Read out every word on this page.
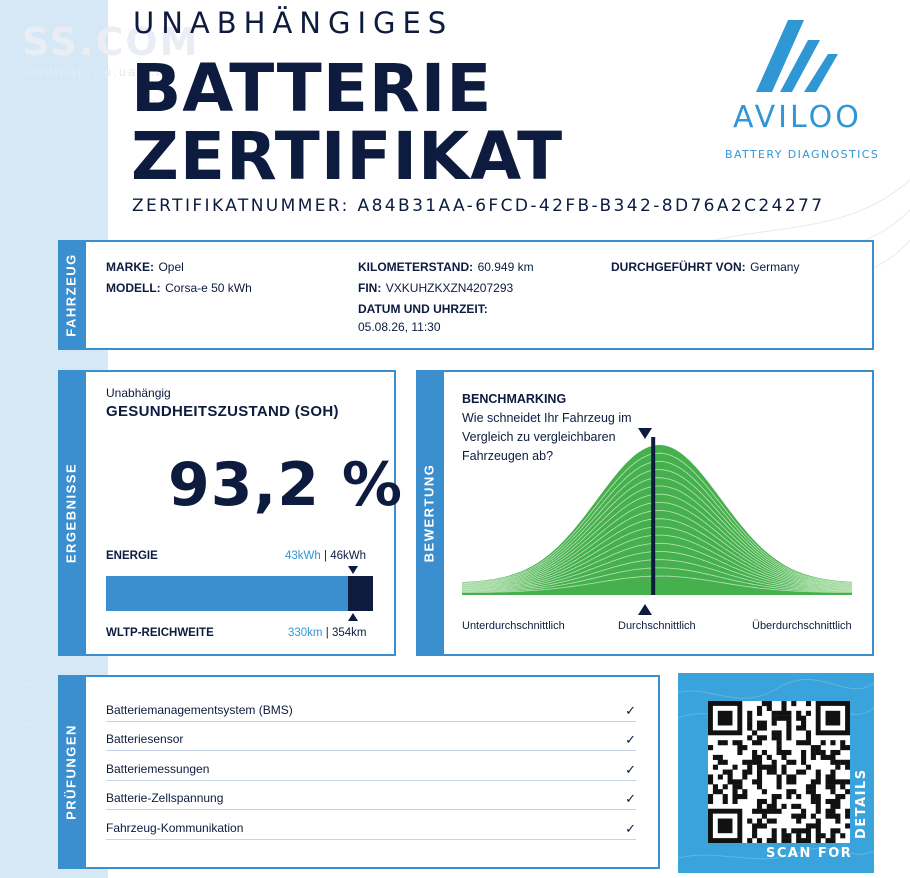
SS.COM
studinaju.ru.ua.v.t
UNABHÄNGIGES
BATTERIE
ZERTIFIKAT
ZERTIFIKATNUMMER: A84B31AA-6FCD-42FB-B342-8D76A2C24277
AVILOO
BATTERY DIAGNOSTICS
FAHRZEUG MARKE: Opel
MODELL: Corsa-e 50 kWh
KILOMETERSTAND: 60.949 km
FIN: VXKUHZKXZN4207293
DATUM UND UHRZEIT:
05.08.26, 11:30
DURCHGEFÜHRT VON: Germany
ERGEBNISSE
Unabhängig
GESUNDHEITSZUSTAND (SOH)
93,2 %
ENERGIE	43kWh | 46kWh
WLTP-REICHWEITE	330km | 354km
BEWERTUNG
BENCHMARKING
Wie schneidet Ihr Fahrzeug im Vergleich zu vergleichbaren Fahrzeugen ab?
Unterdurchschnittlich	Durchschnittlich	Überdurchschnittlich
PRÜFUNGEN
Batteriemanagementsystem (BMS)	✓
Batteriesensor	✓
Batteriemessungen	✓
Batterie-Zellspannung	✓
Fahrzeug-Kommunikation	✓
SCAN FOR
DETAILS
